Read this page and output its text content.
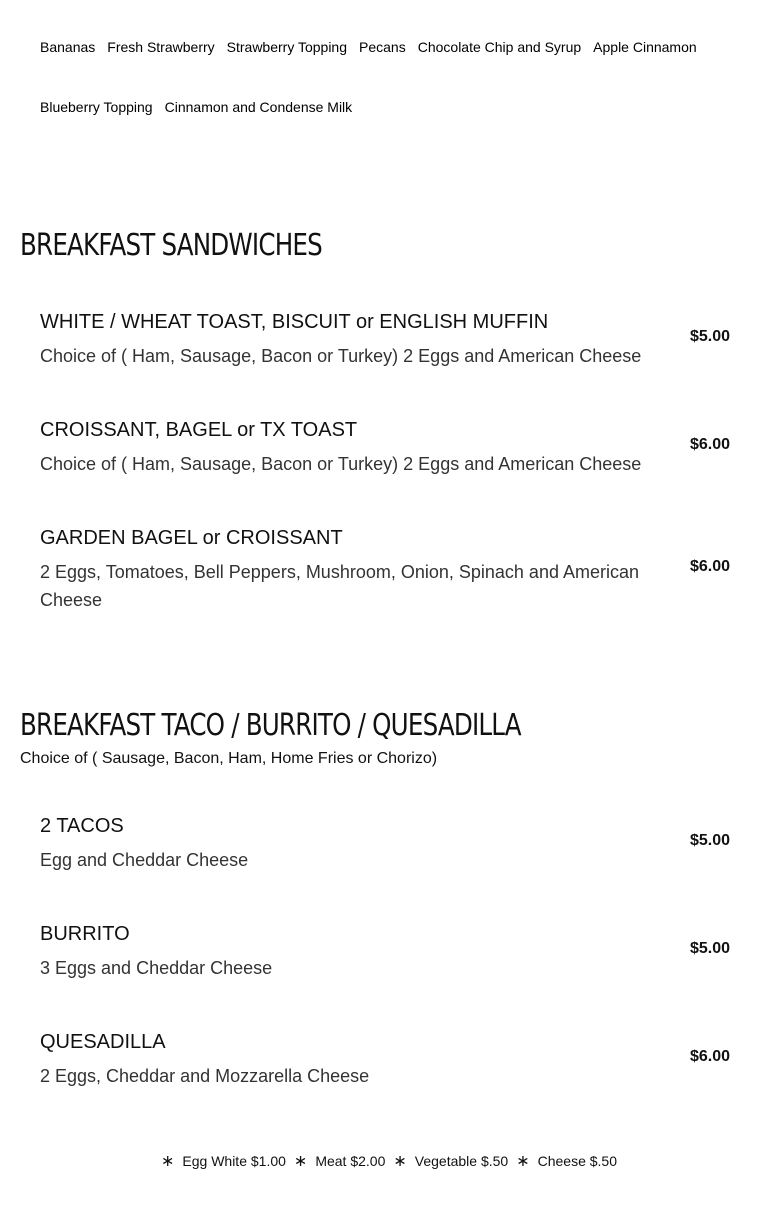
Bananas Fresh Strawberry Strawberry Topping Pecans Chocolate Chip and Syrup Apple Cinnamon
Blueberry Topping Cinnamon and Condense Milk
BREAKFAST SANDWICHES
WHITE / WHEAT TOAST, BISCUIT or ENGLISH MUFFIN
Choice of ( Ham, Sausage, Bacon or Turkey) 2 Eggs and American Cheese
$5.00
CROISSANT, BAGEL or TX TOAST
Choice of ( Ham, Sausage, Bacon or Turkey) 2 Eggs and American Cheese
$6.00
GARDEN BAGEL or CROISSANT
2 Eggs, Tomatoes, Bell Peppers, Mushroom, Onion, Spinach and American Cheese
$6.00
BREAKFAST TACO / BURRITO / QUESADILLA
Choice of ( Sausage, Bacon, Ham, Home Fries or Chorizo)
2 TACOS
Egg and Cheddar Cheese
$5.00
BURRITO
3 Eggs and Cheddar Cheese
$5.00
QUESADILLA
2 Eggs, Cheddar and Mozzarella Cheese
$6.00
∗ Egg White $1.00 ∗ Meat $2.00 ∗ Vegetable $.50 ∗ Cheese $.50
